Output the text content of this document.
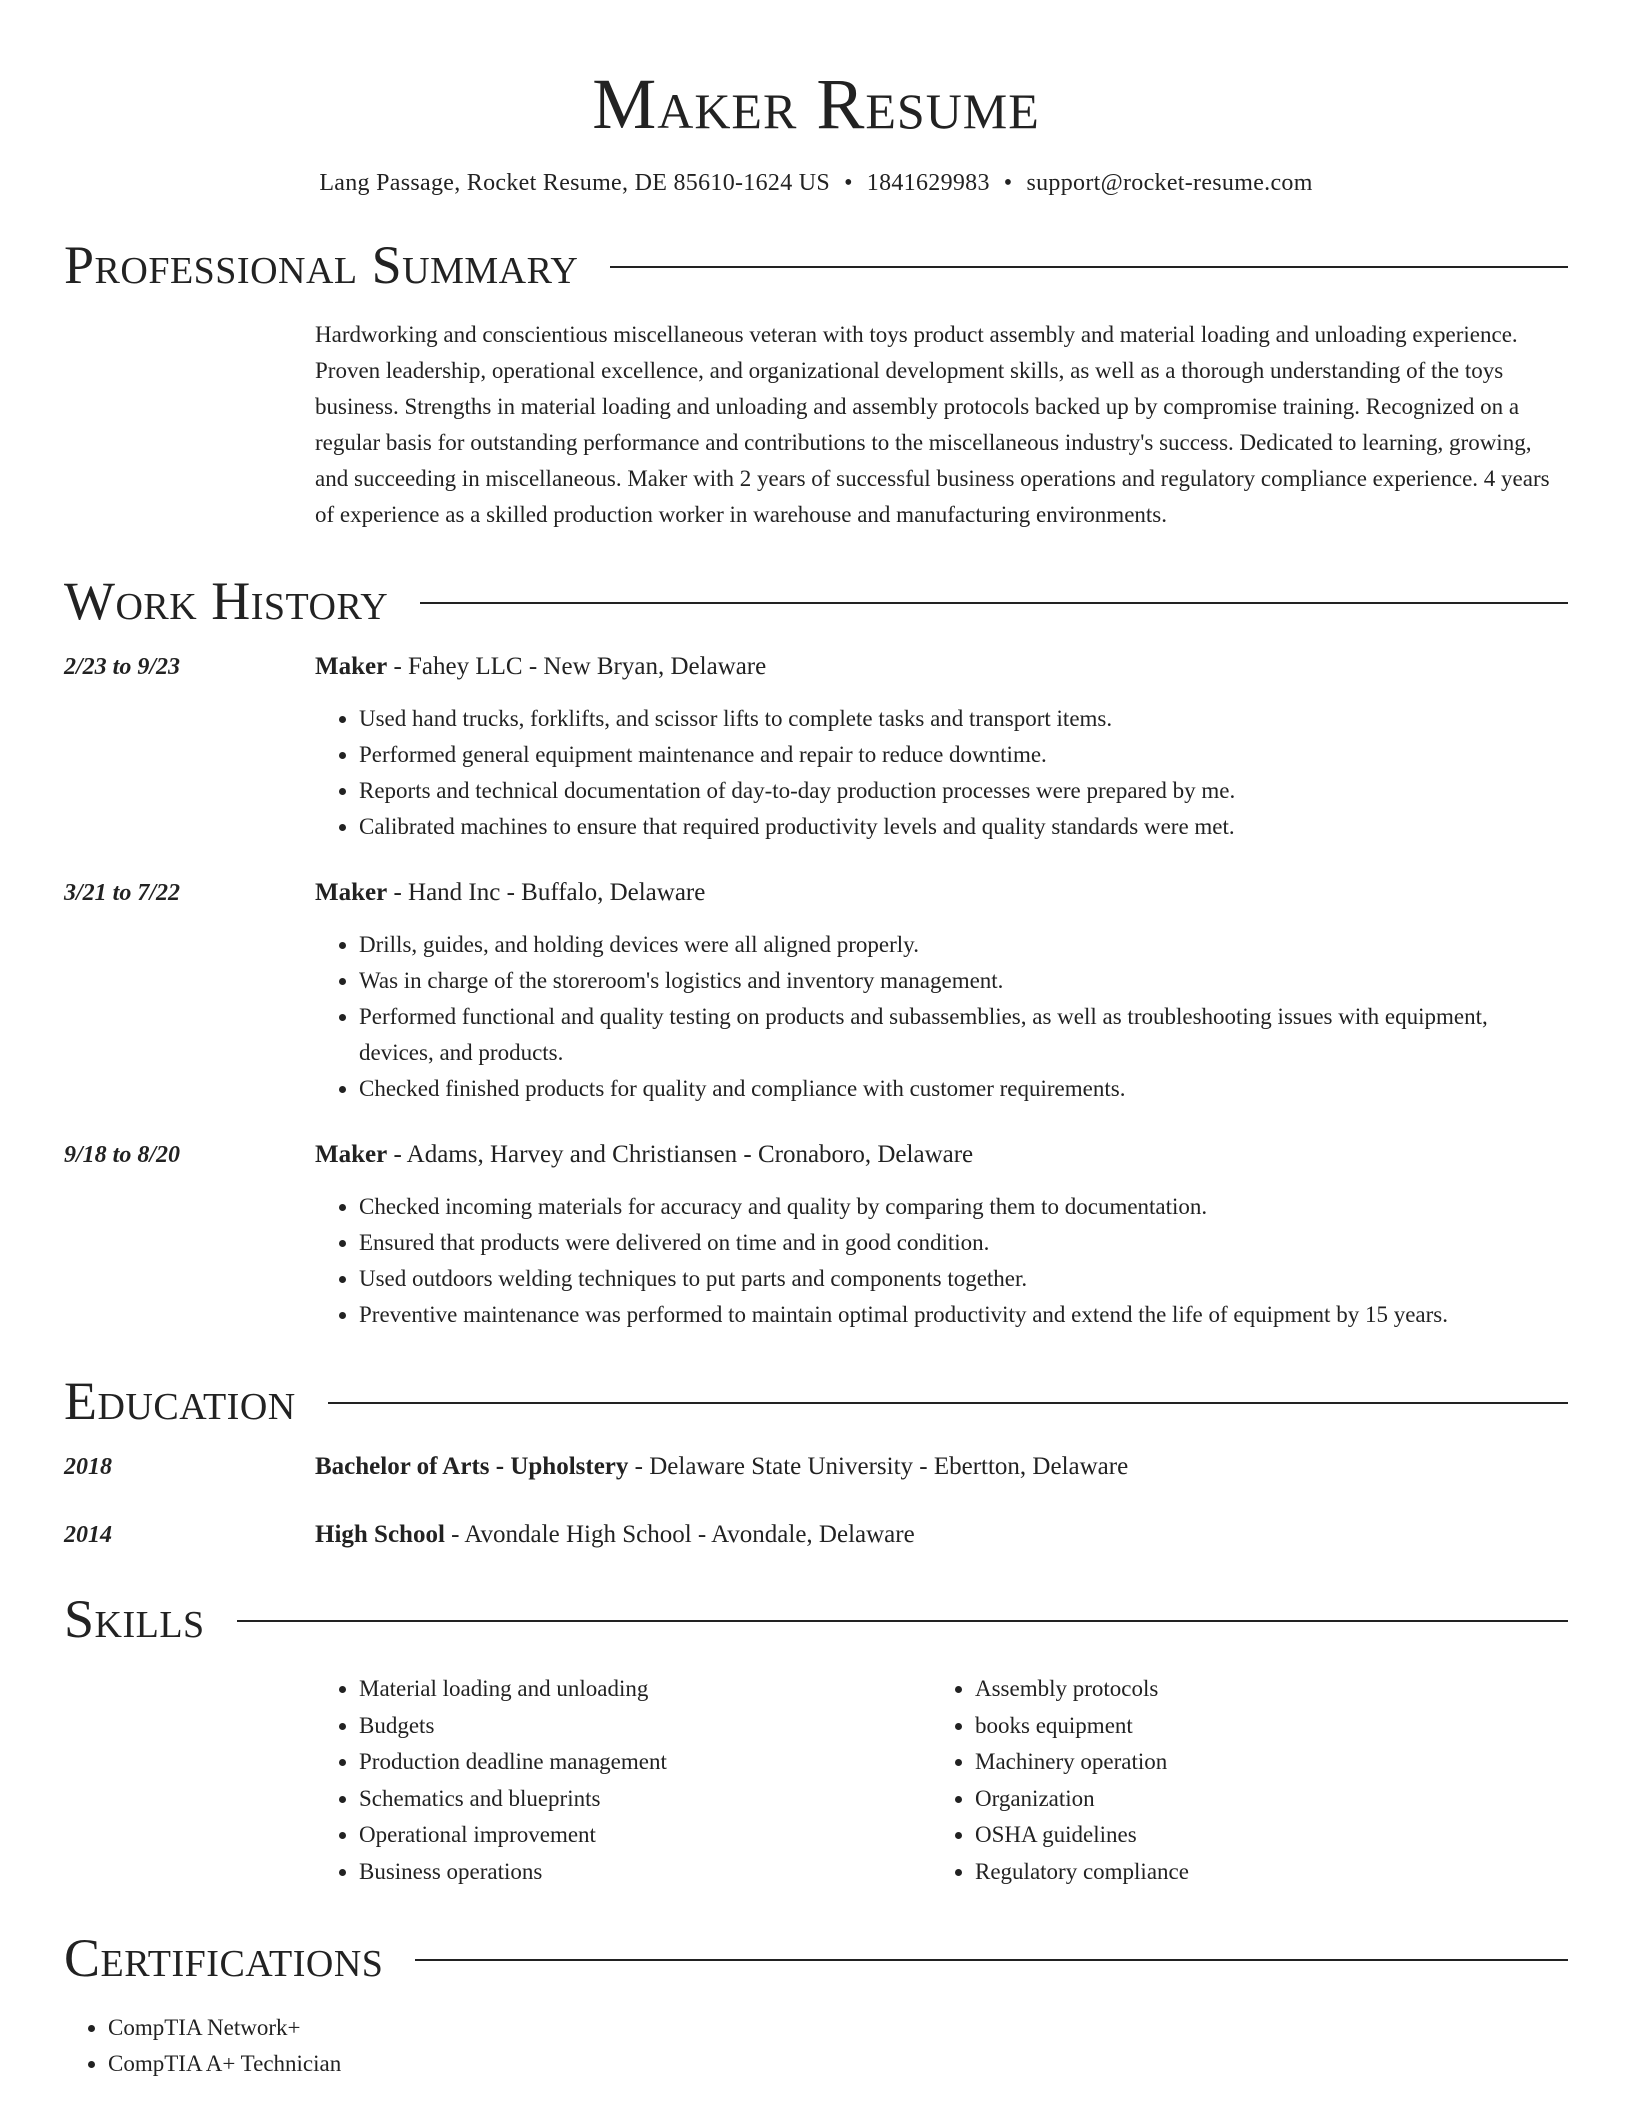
Maker Resume
Lang Passage, Rocket Resume, DE 85610-1624 US • 1841629983 • support@rocket-resume.com
Professional Summary

Hardworking and conscientious miscellaneous veteran with toys product assembly and material loading and unloading experience. Proven leadership, operational excellence, and organizational development skills, as well as a thorough understanding of the toys business. Strengths in material loading and unloading and assembly protocols backed up by compromise training. Recognized on a regular basis for outstanding performance and contributions to the miscellaneous industry's success. Dedicated to learning, growing, and succeeding in miscellaneous. Maker with 2 years of successful business operations and regulatory compliance experience. 4 years of experience as a skilled production worker in warehouse and manufacturing environments.

Work History
2/23 to 9/23	Maker - Fahey LLC - New Bryan, Delaware
• Used hand trucks, forklifts, and scissor lifts to complete tasks and transport items.
• Performed general equipment maintenance and repair to reduce downtime.
• Reports and technical documentation of day-to-day production processes were prepared by me.
• Calibrated machines to ensure that required productivity levels and quality standards were met.
3/21 to 7/22	Maker - Hand Inc - Buffalo, Delaware
• Drills, guides, and holding devices were all aligned properly.
• Was in charge of the storeroom's logistics and inventory management.
• Performed functional and quality testing on products and subassemblies, as well as troubleshooting issues with equipment, devices, and products.
• Checked finished products for quality and compliance with customer requirements.
9/18 to 8/20	Maker - Adams, Harvey and Christiansen - Cronaboro, Delaware
• Checked incoming materials for accuracy and quality by comparing them to documentation.
• Ensured that products were delivered on time and in good condition.
• Used outdoors welding techniques to put parts and components together.
• Preventive maintenance was performed to maintain optimal productivity and extend the life of equipment by 15 years.
Education
2018	Bachelor of Arts - Upholstery - Delaware State University - Ebertton, Delaware
2014	High School - Avondale High School - Avondale, Delaware
Skills
• Material loading and unloading
• Budgets
• Production deadline management
• Schematics and blueprints
• Operational improvement
• Business operations
• Assembly protocols
• books equipment
• Machinery operation
• Organization
• OSHA guidelines
• Regulatory compliance
Certifications
• CompTIA Network+
• CompTIA A+ Technician
